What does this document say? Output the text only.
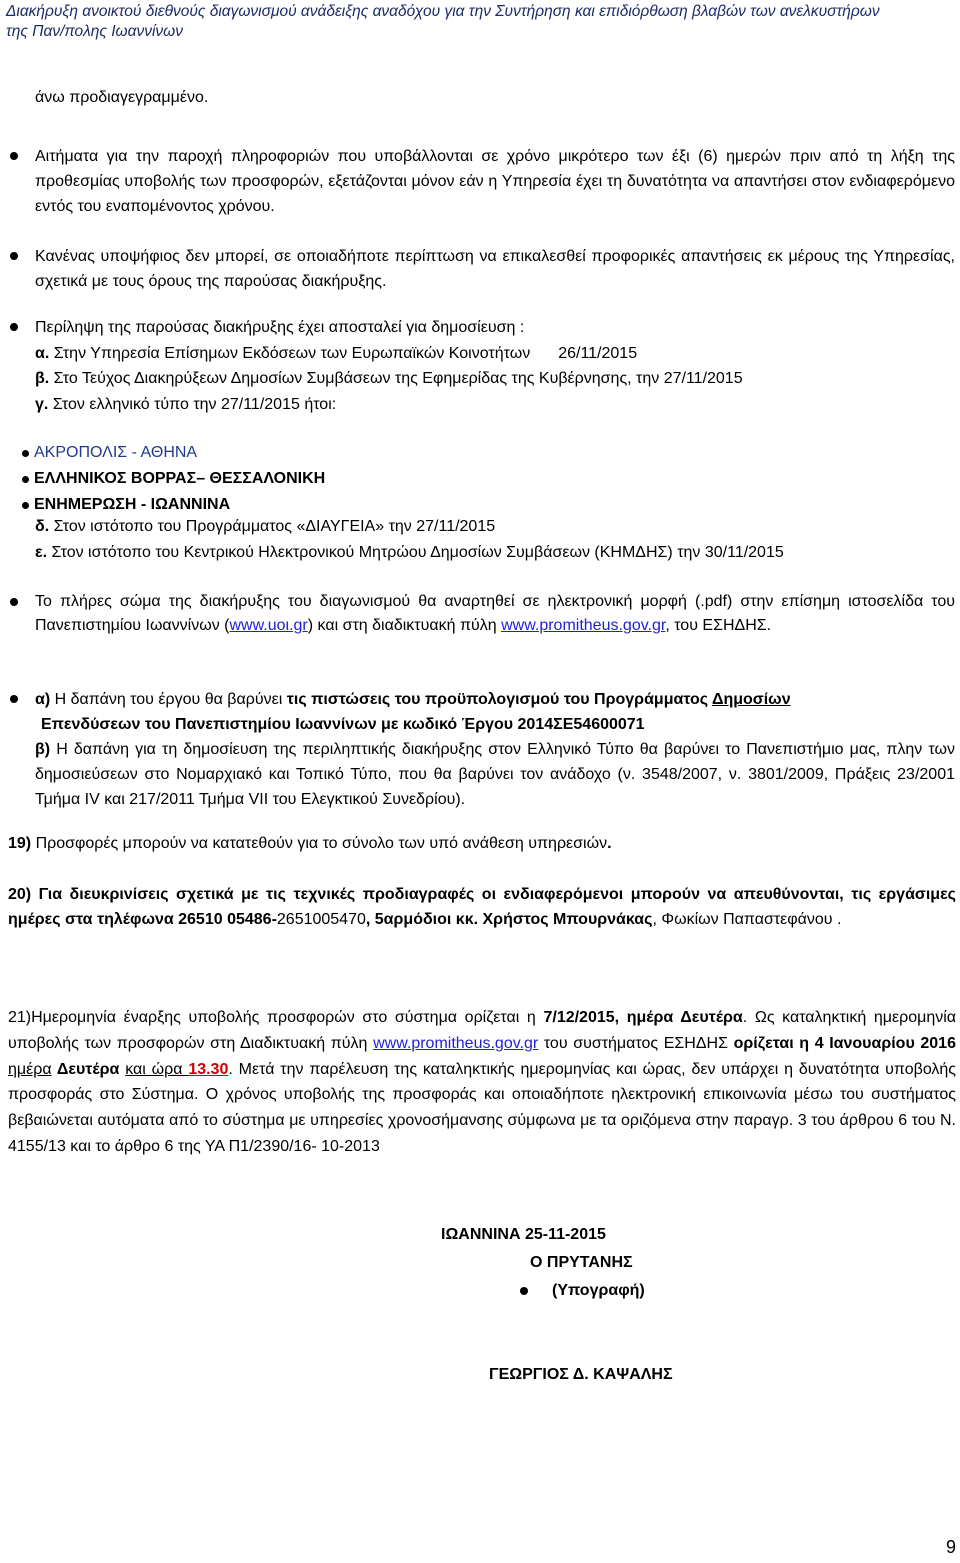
Διακήρυξη ανοικτού διεθνούς διαγωνισμού ανάδειξης αναδόχου για την Συντήρηση και επιδιόρθωση βλαβών των ανελκυστήρων
της Παν/πολης Ιωαννίνων
άνω προδιαγεγραμμένο.
Αιτήματα για την παροχή πληροφοριών που υποβάλλονται σε χρόνο μικρότερο των έξι (6) ημερών πριν από τη λήξη της προθεσμίας υποβολής των προσφορών, εξετάζονται μόνον εάν η Υπηρεσία έχει τη δυνατότητα να απαντήσει στον ενδιαφερόμενο εντός του εναπομένοντος χρόνου.
Κανένας υποψήφιος δεν μπορεί, σε οποιαδήποτε περίπτωση να επικαλεσθεί προφορικές απαντήσεις εκ μέρους της Υπηρεσίας, σχετικά με τους όρους της παρούσας διακήρυξης.
Περίληψη της παρούσας διακήρυξης έχει αποσταλεί για δημοσίευση :
α. Στην Υπηρεσία Επίσημων Εκδόσεων των Ευρωπαϊκών Κοινοτήτων 26/11/2015
β. Στο Τεύχος Διακηρύξεων Δημοσίων Συμβάσεων της Εφημερίδας της Κυβέρνησης, την 27/11/2015
γ. Στον ελληνικό τύπο την 27/11/2015 ήτοι:
ΑΚΡΟΠΟΛΙΣ - ΑΘΗΝΑ
ΕΛΛΗΝΙΚΟΣ ΒΟΡΡΑΣ– ΘΕΣΣΑΛΟΝΙΚΗ
ΕΝΗΜΕΡΩΣΗ - ΙΩΑΝΝΙΝΑ
δ. Στον ιστότοπο του Προγράμματος «ΔΙΑΥΓΕΙΑ» την 27/11/2015
ε. Στον ιστότοπο του Κεντρικού Ηλεκτρονικού Μητρώου Δημοσίων Συμβάσεων (ΚΗΜΔΗΣ) την 30/11/2015
Το πλήρες σώμα της διακήρυξης του διαγωνισμού θα αναρτηθεί σε ηλεκτρονική μορφή (.pdf) στην επίσημη ιστοσελίδα του Πανεπιστημίου Ιωαννίνων (www.uoι.gr) και στη διαδικτυακή πύλη www.promitheus.gov.gr, του ΕΣΗΔΗΣ.
α) Η δαπάνη του έργου θα βαρύνει τις πιστώσεις του προϋπολογισμού του Προγράμματος Δημοσίων
Επενδύσεων του Πανεπιστημίου Ιωαννίνων με κωδικό Έργου 2014ΣΕ54600071
β) Η δαπάνη για τη δημοσίευση της περιληπτικής διακήρυξης στον Ελληνικό Τύπο θα βαρύνει το Πανεπιστήμιο μας, πλην των δημοσιεύσεων στο Νομαρχιακό και Τοπικό Τύπο, που θα βαρύνει τον ανάδοχο (ν. 3548/2007, ν. 3801/2009, Πράξεις 23/2001 Τμήμα IV και 217/2011 Τμήμα VII του Ελεγκτικού Συνεδρίου).
19) Προσφορές μπορούν να κατατεθούν για το σύνολο των υπό ανάθεση υπηρεσιών.
20) Για διευκρινίσεις σχετικά με τις τεχνικές προδιαγραφές οι ενδιαφερόμενοι μπορούν να απευθύνονται, τις εργάσιμες ημέρες στα τηλέφωνα 26510 05486-2651005470, 5αρμόδιοι κκ. Χρήστος Μπουρνάκας, Φωκίων Παπαστεφάνου .
21)Ημερομηνία έναρξης υποβολής προσφορών στο σύστημα ορίζεται η 7/12/2015, ημέρα Δευτέρα. Ως καταληκτική ημερομηνία υποβολής των προσφορών στη Διαδικτυακή πύλη www.promitheus.gov.gr του συστήματος ΕΣΗΔΗΣ ορίζεται η 4 Ιανουαρίου 2016 ημέρα Δευτέρα και ώρα 13.30. Μετά την παρέλευση της καταληκτικής ημερομηνίας και ώρας, δεν υπάρχει η δυνατότητα υποβολής προσφοράς στο Σύστημα. Ο χρόνος υποβολής της προσφοράς και οποιαδήποτε ηλεκτρονική επικοινωνία μέσω του συστήματος βεβαιώνεται αυτόματα από το σύστημα με υπηρεσίες χρονοσήμανσης σύμφωνα με τα οριζόμενα στην παραγρ. 3 του άρθρου 6 του Ν. 4155/13 και το άρθρο 6 της ΥΑ Π1/2390/16- 10-2013
ΙΩΑΝΝΙΝΑ 25-11-2015
Ο ΠΡΥΤΑΝΗΣ
(Υπογραφή)
ΓΕΩΡΓΙΟΣ Δ. ΚΑΨΑΛΗΣ
9
